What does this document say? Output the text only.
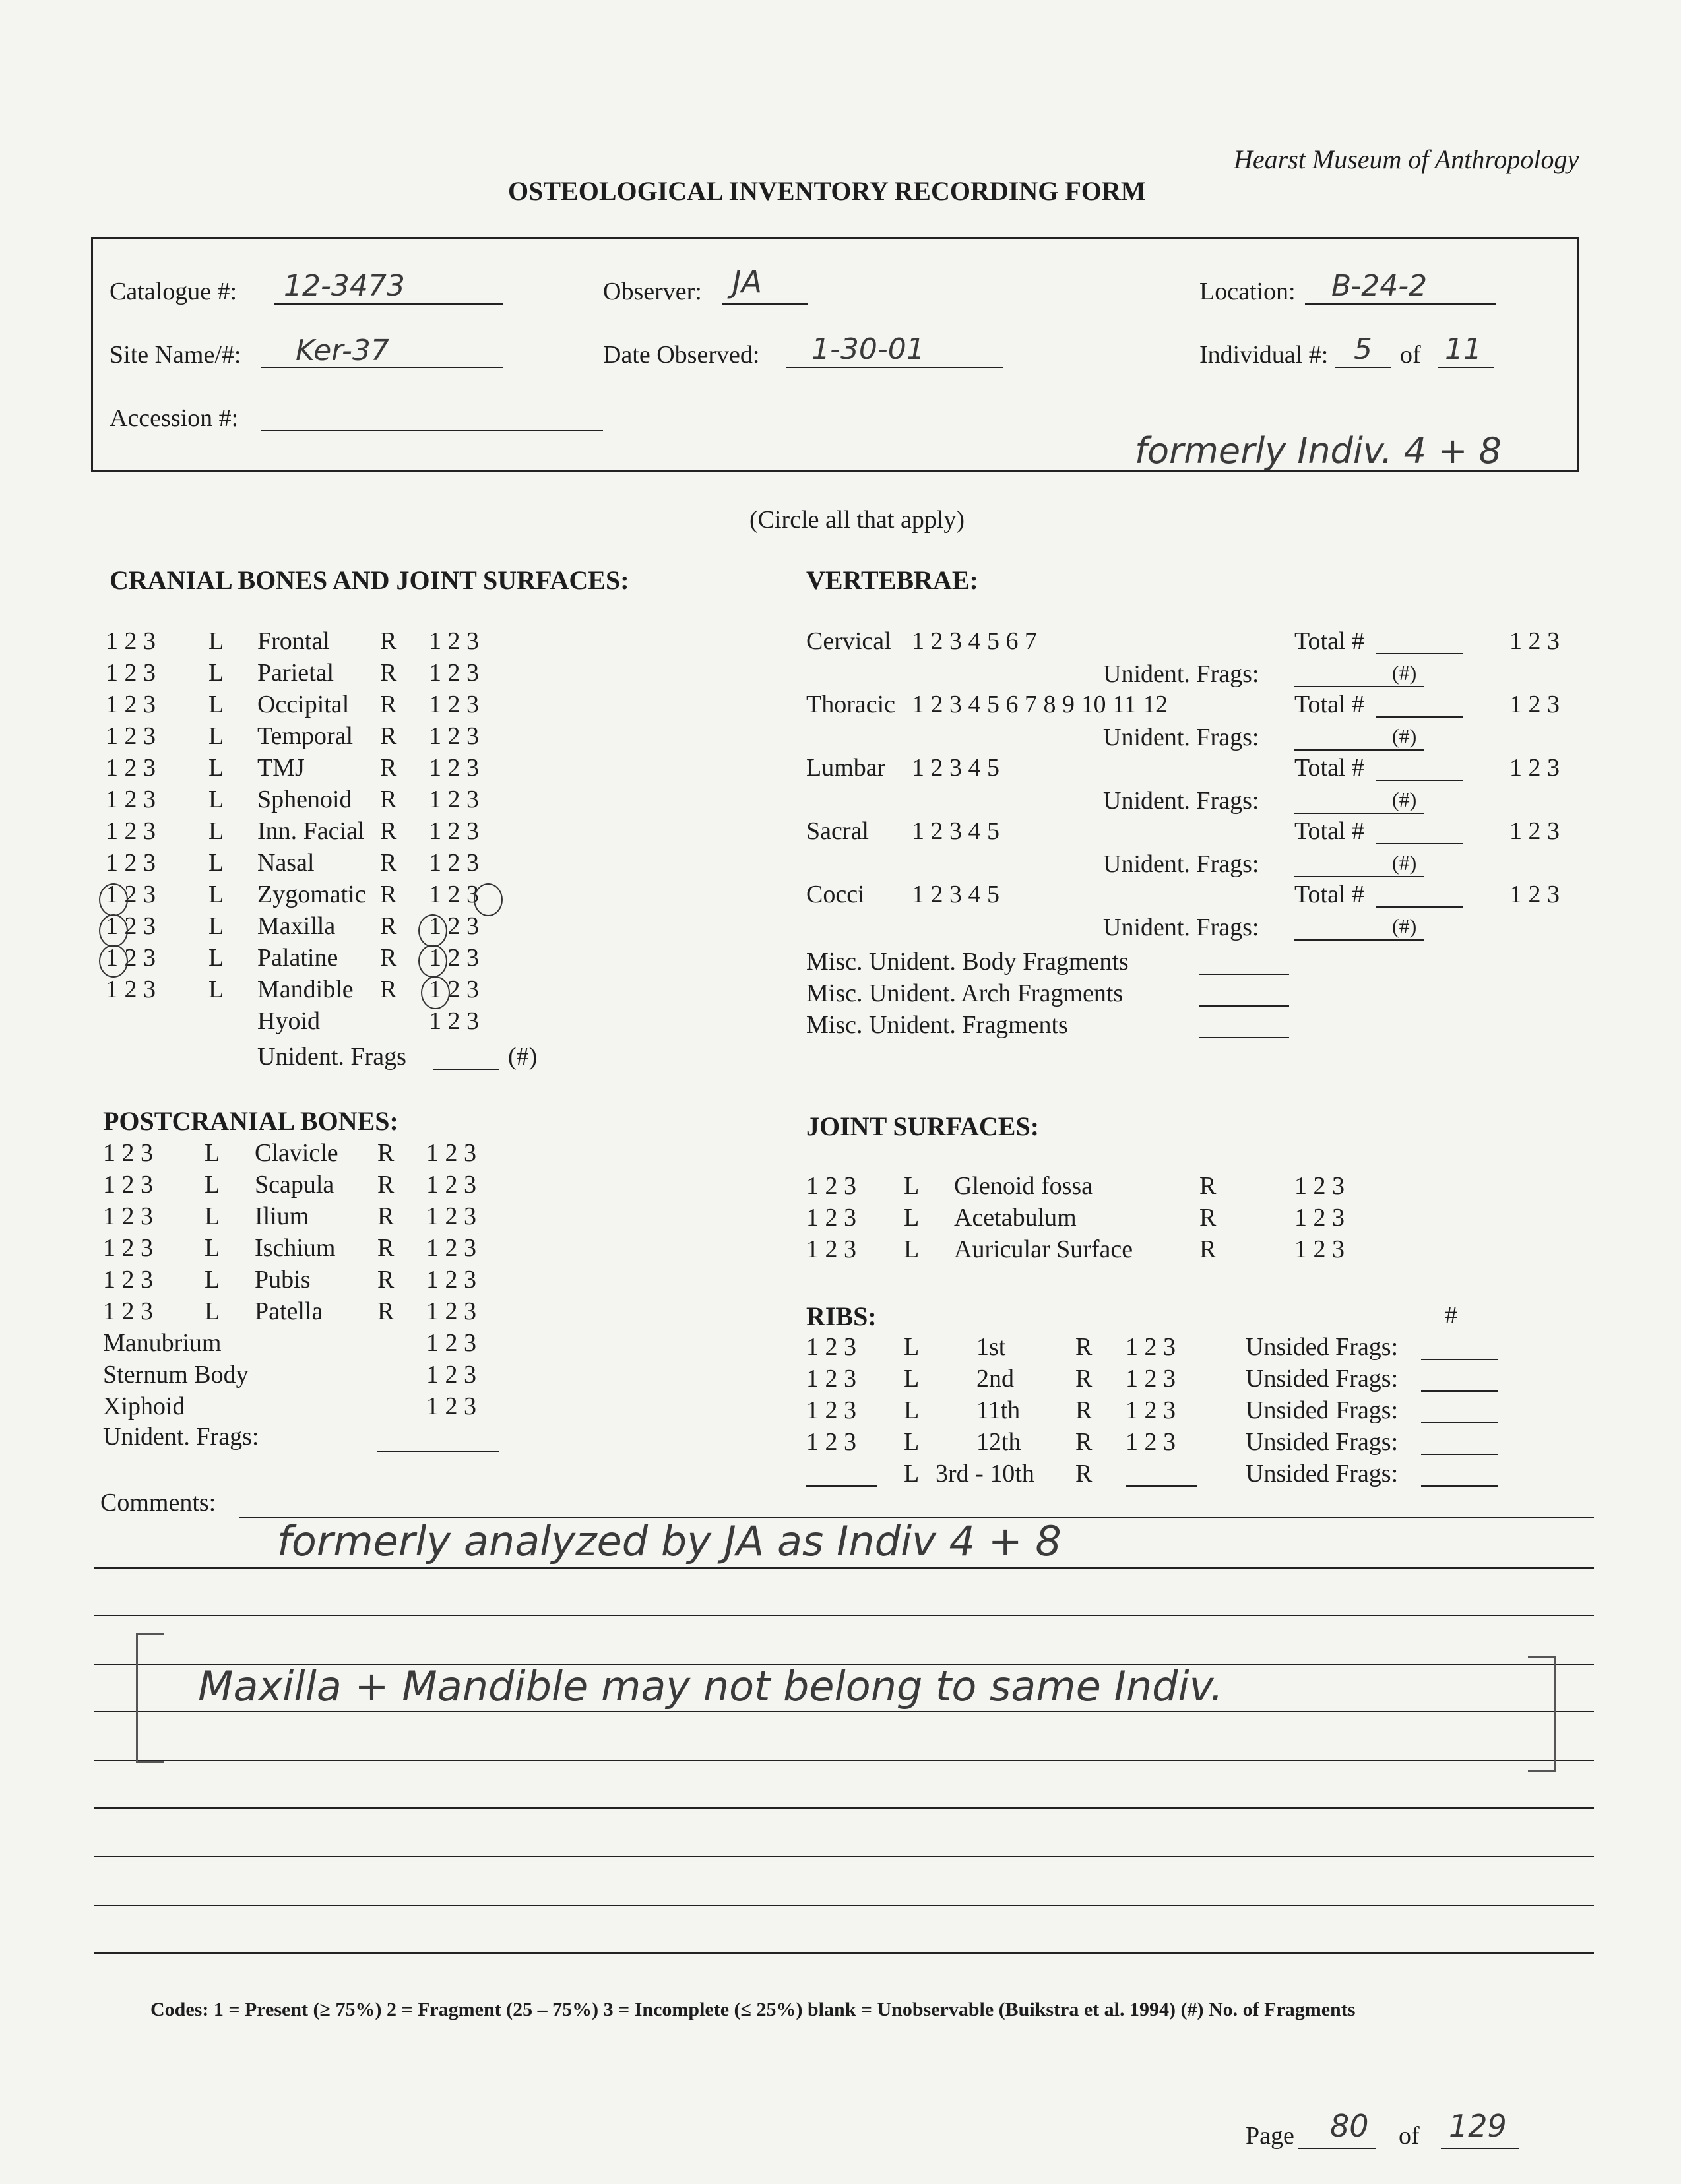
Hearst Museum of Anthropology
OSTEOLOGICAL INVENTORY RECORDING FORM
Catalogue #: 12-3473	Observer: JA	Location: B-24-2
Site Name/#: Ker-37	Date Observed: 1-30-01	Individual #: 5 of 11
Accession #:
formerly Indiv. 4 + 8
(Circle all that apply)
CRANIAL BONES AND JOINT SURFACES:
1 2 3 L Frontal R 1 2 3
1 2 3 L Parietal R 1 2 3
1 2 3 L Occipital R 1 2 3
1 2 3 L Temporal R 1 2 3
1 2 3 L TMJ	R 1 2 3
1 2 3 L Sphenoid R 1 2 3
1 2 3 L Inn. Facial R 1 2 3
1 2 3 L Nasal	R 1 2 3
1 2 3 L Zygomatic R 1 2 3
1 2 3 L Maxilla R 1 2 3
1 2 3 L Palatine R 1 2 3
1 2 3 L Mandible R 1 2 3
Hyoid	1 2 3
Unident. Frags	(#)
VERTEBRAE:
Cervical 1 2 3 4 5 6 7	Total #	1 2 3
Unident. Frags:	(#)
Thoracic 1 2 3 4 5 6 7 8 9 10 11 12	Total #	1 2 3
Unident. Frags:	(#)
Lumbar 1 2 3 4 5	Total #	1 2 3
Unident. Frags:	(#)
Sacral 1 2 3 4 5	Total #	1 2 3
Unident. Frags:	(#)
Cocci 1 2 3 4 5	Total #	1 2 3
Unident. Frags:	(#)
Misc. Unident. Body Fragments
Misc. Unident. Arch Fragments
Misc. Unident. Fragments
POSTCRANIAL BONES:
1 2 3 L Clavicle R 1 2 3
1 2 3 L Scapula R 1 2 3
1 2 3 L Ilium	R 1 2 3
1 2 3 L Ischium R 1 2 3
1 2 3 L Pubis	R 1 2 3
1 2 3 L Patella R 1 2 3
Manubrium	1 2 3
Sternum Body	1 2 3
Xiphoid	1 2 3
Unident. Frags:
JOINT SURFACES:
1 2 3 L Glenoid fossa	R	1 2 3
1 2 3 L Acetabulum	R	1 2 3
1 2 3 L Auricular Surface	R	1 2 3
RIBS:	#
1 2 3 L 1st	R 1 2 3	Unsided Frags:
1 2 3 L 2nd R 1 2 3	Unsided Frags:
1 2 3 L 11th R 1 2 3	Unsided Frags:
1 2 3 L 12th R 1 2 3	Unsided Frags:
L 3rd - 10th R	Unsided Frags:
Comments:
formerly analyzed by JA as Indiv 4 + 8
Maxilla + Mandible may not belong to same Indiv.
Codes: 1 = Present (≥ 75%) 2 = Fragment (25 – 75%) 3 = Incomplete (≤ 25%) blank = Unobservable (Buikstra et al. 1994) (#) No. of Fragments
Page 80 of 129
